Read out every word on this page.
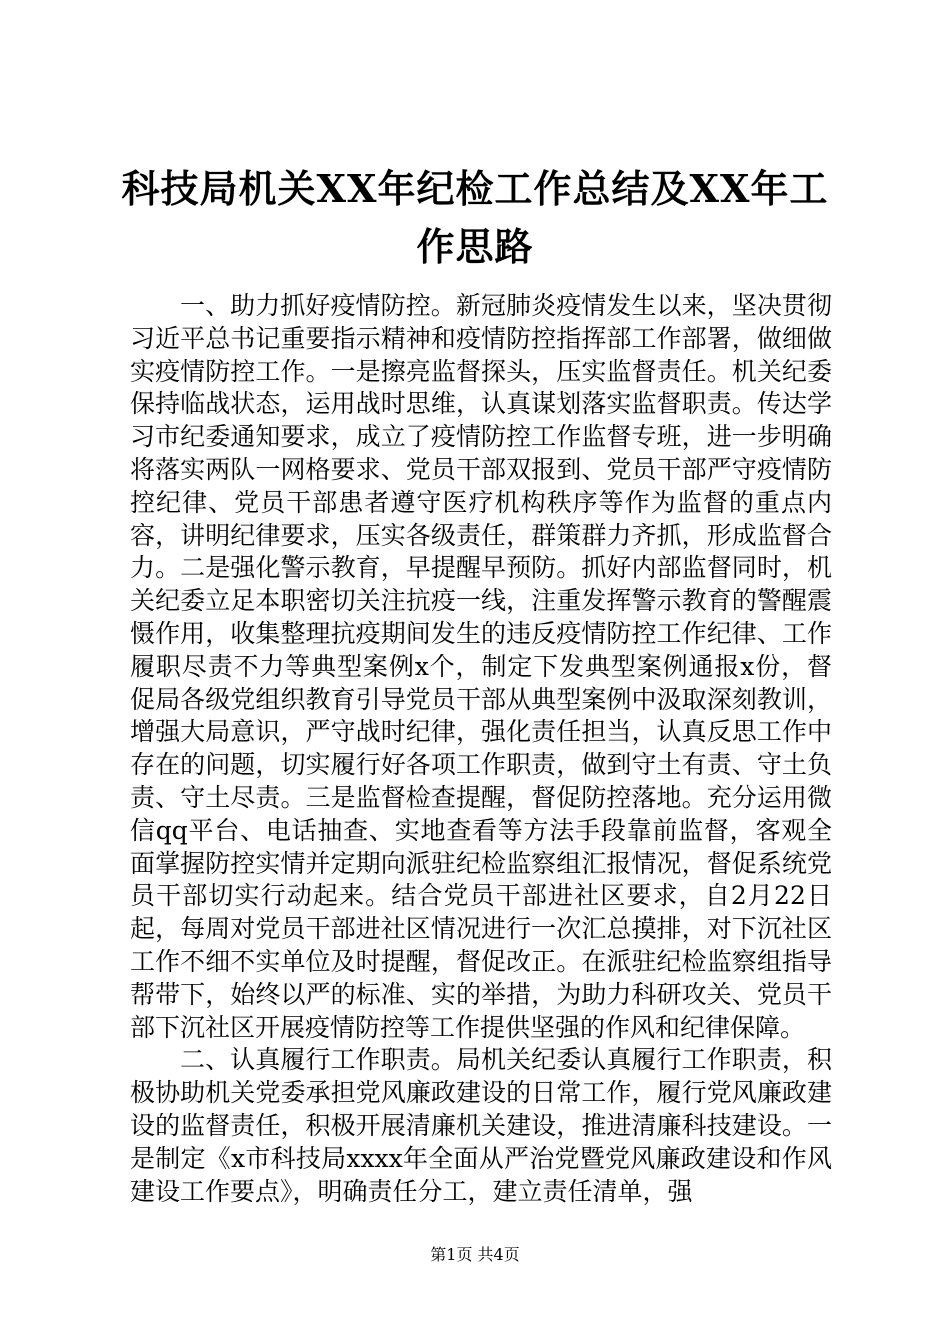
科技局机关XX年纪检工作总结及XX年工作思路

一、助力抓好疫情防控。新冠肺炎疫情发生以来，坚决贯彻习近平总书记重要指示精神和疫情防控指挥部工作部署，做细做实疫情防控工作。一是擦亮监督探头，压实监督责任。机关纪委保持临战状态，运用战时思维，认真谋划落实监督职责。传达学习市纪委通知要求，成立了疫情防控工作监督专班，进一步明确将落实两队一网格要求、党员干部双报到、党员干部严守疫情防控纪律、党员干部患者遵守医疗机构秩序等作为监督的重点内容，讲明纪律要求，压实各级责任，群策群力齐抓，形成监督合力。二是强化警示教育，早提醒早预防。抓好内部监督同时，机关纪委立足本职密切关注抗疫一线，注重发挥警示教育的警醒震慑作用，收集整理抗疫期间发生的违反疫情防控工作纪律、工作履职尽责不力等典型案例x个，制定下发典型案例通报x份，督促局各级党组织教育引导党员干部从典型案例中汲取深刻教训，增强大局意识，严守战时纪律，强化责任担当，认真反思工作中存在的问题，切实履行好各项工作职责，做到守土有责、守土负责、守土尽责。三是监督检查提醒，督促防控落地。充分运用微信qq平台、电话抽查、实地查看等方法手段靠前监督，客观全面掌握防控实情并定期向派驻纪检监察组汇报情况，督促系统党员干部切实行动起来。结合党员干部进社区要求，自2月22日起，每周对党员干部进社区情况进行一次汇总摸排，对下沉社区工作不细不实单位及时提醒，督促改正。在派驻纪检监察组指导帮带下，始终以严的标准、实的举措，为助力科研攻关、党员干部下沉社区开展疫情防控等工作提供坚强的作风和纪律保障。

二、认真履行工作职责。局机关纪委认真履行工作职责，积极协助机关党委承担党风廉政建设的日常工作，履行党风廉政建设的监督责任，积极开展清廉机关建设，推进清廉科技建设。一是制定《x市科技局xxxx年全面从严治党暨党风廉政建设和作风建设工作要点》，明确责任分工，建立责任清单，强

第1页 共4页
